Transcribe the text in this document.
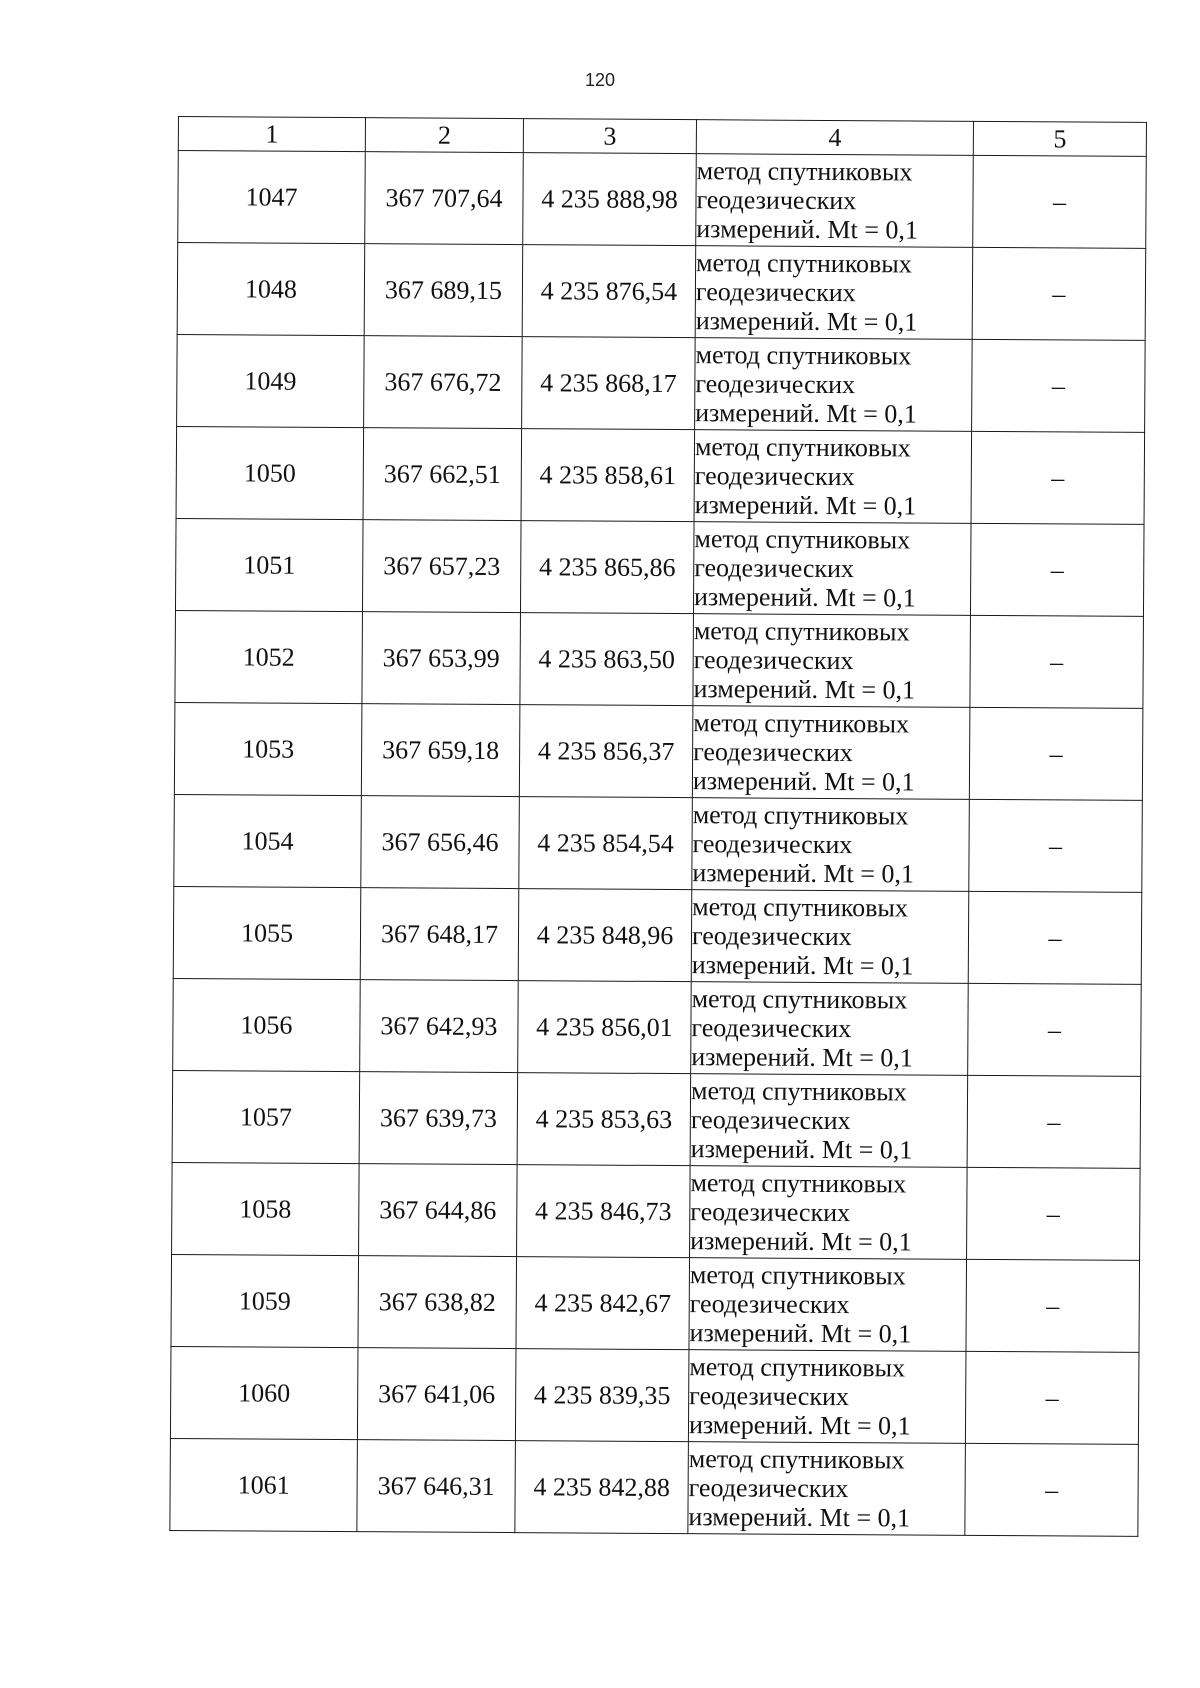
120
1	2	3	4	5
1047	367 707,64	4 235 888,98	метод спутниковых
геодезических
измерений. Mt = 0,1	–
1048	367 689,15	4 235 876,54	метод спутниковых
геодезических
измерений. Mt = 0,1	–
1049	367 676,72	4 235 868,17	метод спутниковых
геодезических
измерений. Mt = 0,1	–
1050	367 662,51	4 235 858,61	метод спутниковых
геодезических
измерений. Mt = 0,1	–
1051	367 657,23	4 235 865,86	метод спутниковых
геодезических
измерений. Mt = 0,1	–
1052	367 653,99	4 235 863,50	метод спутниковых
геодезических
измерений. Mt = 0,1	–
1053	367 659,18	4 235 856,37	метод спутниковых
геодезических
измерений. Mt = 0,1	–
1054	367 656,46	4 235 854,54	метод спутниковых
геодезических
измерений. Mt = 0,1	–
1055	367 648,17	4 235 848,96	метод спутниковых
геодезических
измерений. Mt = 0,1	–
1056	367 642,93	4 235 856,01	метод спутниковых
геодезических
измерений. Mt = 0,1	–
1057	367 639,73	4 235 853,63	метод спутниковых
геодезических
измерений. Mt = 0,1	–
1058	367 644,86	4 235 846,73	метод спутниковых
геодезических
измерений. Mt = 0,1	–
1059	367 638,82	4 235 842,67	метод спутниковых
геодезических
измерений. Mt = 0,1	–
1060	367 641,06	4 235 839,35	метод спутниковых
геодезических
измерений. Mt = 0,1	–
1061	367 646,31	4 235 842,88	метод спутниковых
геодезических
измерений. Mt = 0,1	–
